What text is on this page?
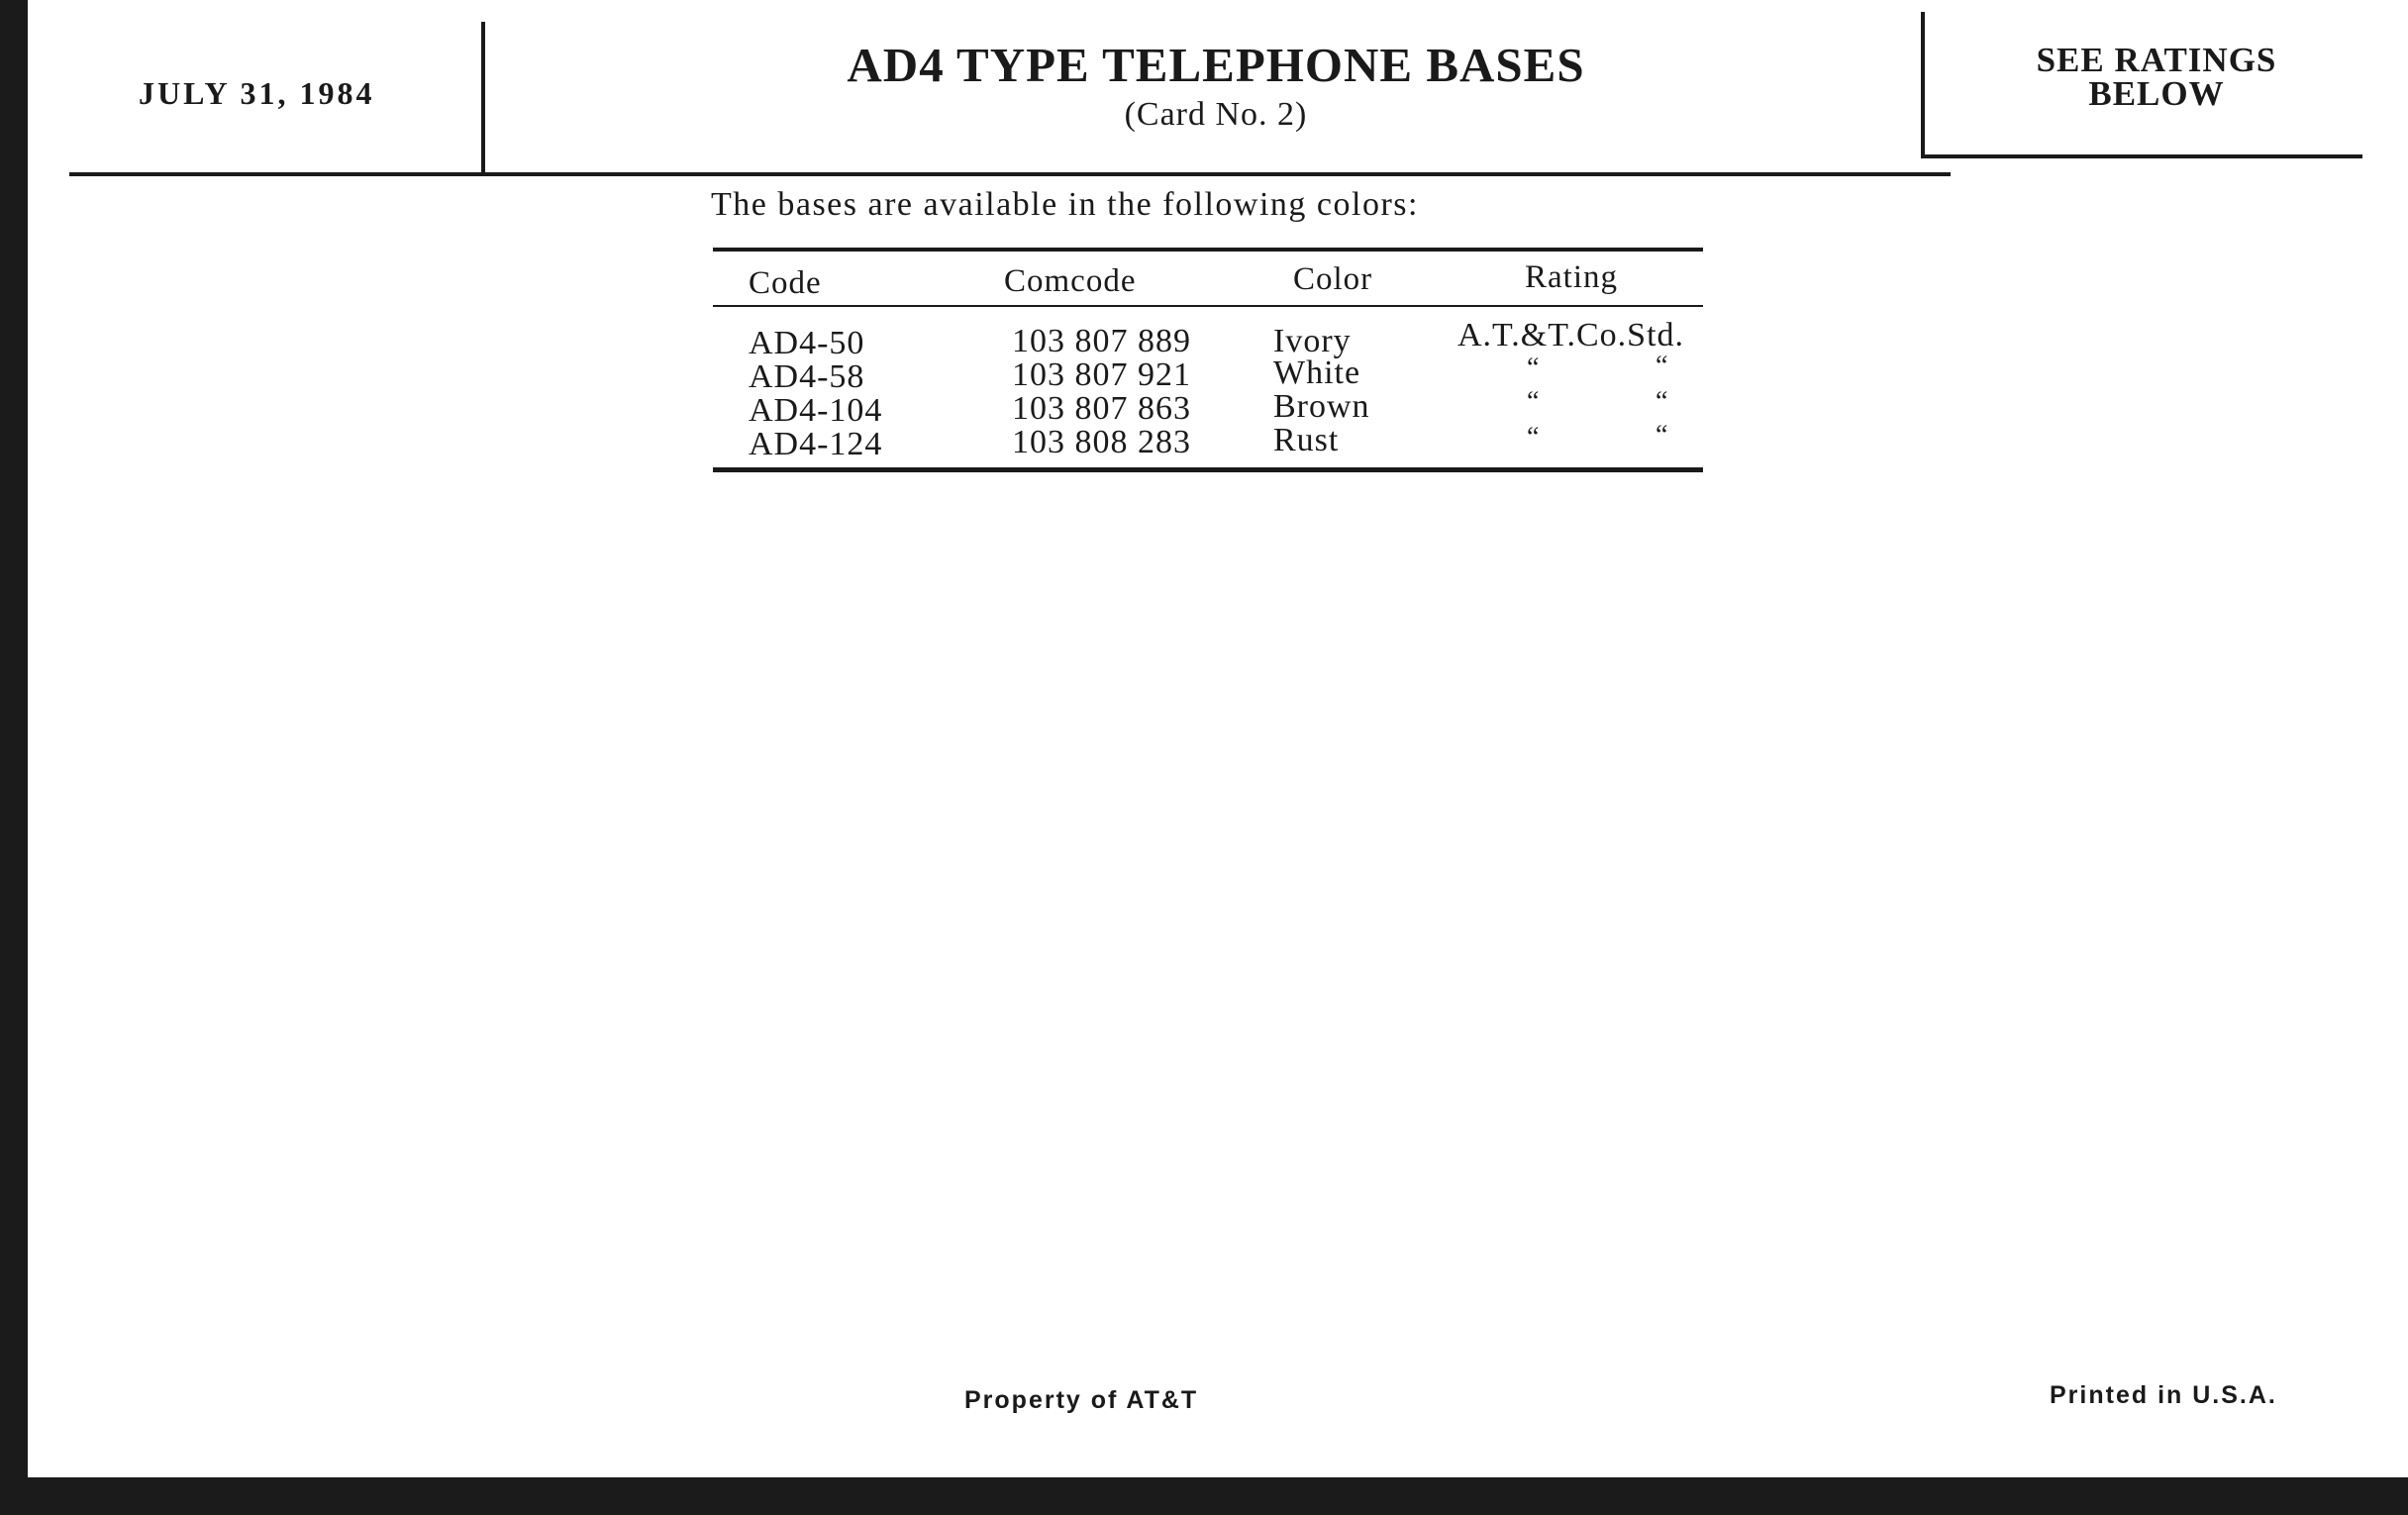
JULY 31, 1984
AD4 TYPE TELEPHONE BASES
(Card No. 2)
SEE RATINGS
BELOW
The bases are available in the following colors:
Code	Comcode	Color	Rating
AD4-50	103 807 889 Ivory	A.T.&T.Co.Std.
AD4-58	103 807 921 White	“	“
AD4-104	103 807 863 Brown	“	“
AD4-124	103 808 283 Rust	“	“
Property of AT&T	Printed in U.S.A.
